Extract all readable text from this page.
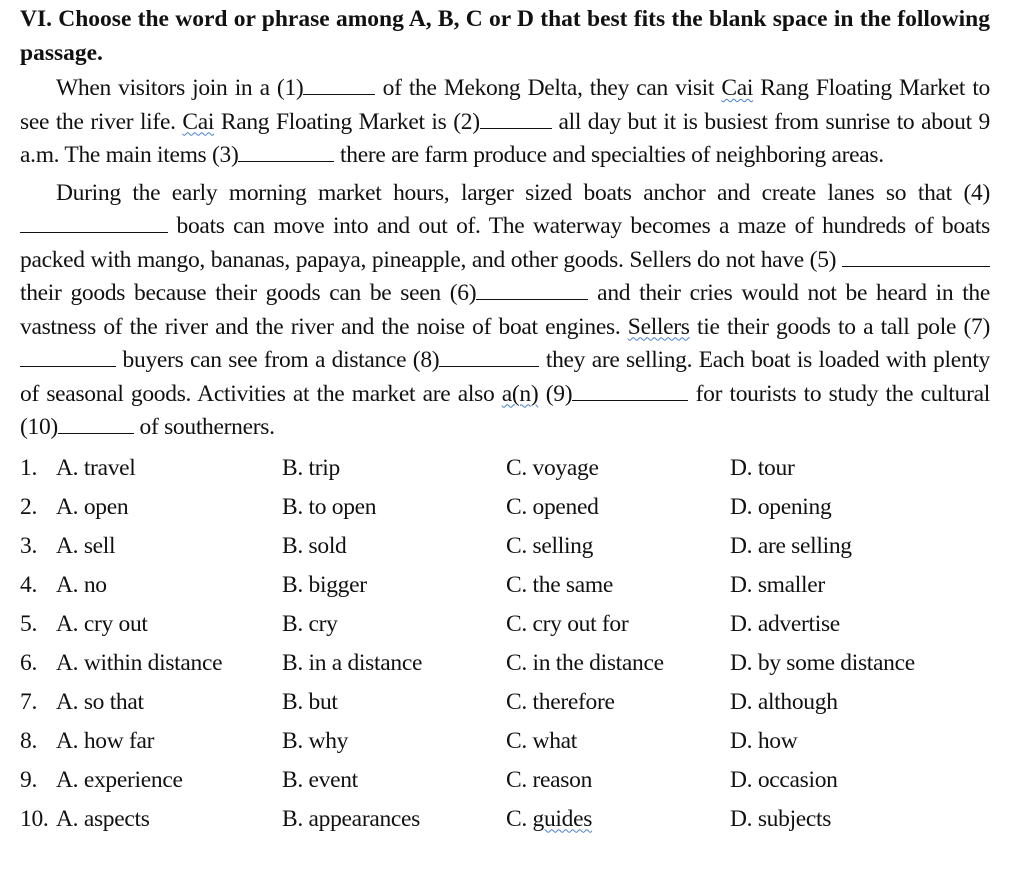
VI. Choose the word or phrase among A, B, C or D that best fits the blank space in the following passage.

When visitors join in a (1)	of the Mekong Delta, they can visit Cai Rang Floating Market to see the river life. Cai Rang Floating Market is (2)	all day but it is busiest from sunrise to about 9 a.m. The main items (3)	there are farm produce and specialties of neighboring areas.

During the early morning market hours, larger sized boats anchor and create lanes so that (4)  boats can move into and out of. The waterway becomes a maze of hundreds of boats packed with mango, bananas, papaya, pineapple, and other goods. Sellers do not have (5)  their goods because their goods can be seen (6)	and their cries would not be heard in the vastness of the river and the river and the noise of boat engines. Sellers tie their goods to a tall pole (7) buyers can see from a distance (8)	they are selling. Each boat is loaded with plenty of seasonal goods. Activities at the market are also a(n) (9)	for tourists to study the cultural (10)	of southerners.

1. A. travel	B. trip	C. voyage	D. tour
2. A. open	B. to open	C. opened	D. opening
3. A. sell	B. sold	C. selling	D. are selling
4. A. no	B. bigger	C. the same	D. smaller
5. A. cry out	B. cry	C. cry out for	D. advertise
6. A. within distance	B. in a distance	C. in the distance	D. by some distance
7. A. so that	B. but	C. therefore	D. although
8. A. how far	B. why	C. what	D. how
9. A. experience	B. event	C. reason	D. occasion
10. A. aspects	B. appearances	C. guides	D. subjects
